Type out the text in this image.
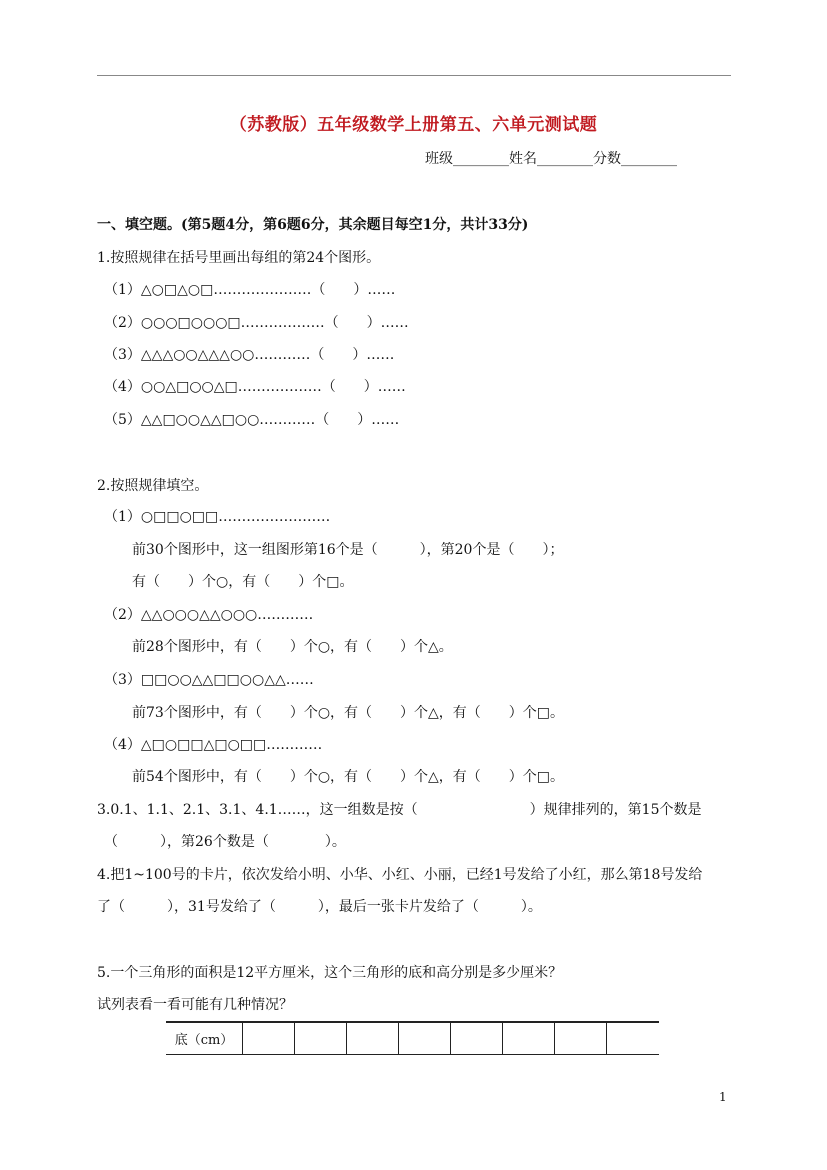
（苏教版）五年级数学上册第五、六单元测试题
班级________姓名________分数________
一、填空题。(第5题4分，第6题6分，其余题目每空1分，共计33分)
1.按照规律在括号里画出每组的第24个图形。
（1）△○□△○□…………………（　　）……
（2）○○○□○○○□………………（　　）……
（3）△△△○○△△△○○…………（　　）……
（4）○○△□○○△□………………（　　）……
（5）△△□○○△△□○○…………（　　）……
2.按照规律填空。
（1）○□□○□□……………………
　　前30个图形中，这一组图形第16个是（　　　），第20个是（　　）；
　　有（　　）个○，有（　　）个□。
（2）△△○○○△△○○○…………
　　前28个图形中，有（　　）个○，有（　　）个△。
（3）□□○○△△□□○○△△……
　　前73个图形中，有（　　）个○，有（　　）个△，有（　　）个□。
（4）△□○□□△□○□□…………
　　前54个图形中，有（　　）个○，有（　　）个△，有（　　）个□。
3.0.1、1.1、2.1、3.1、4.1……，这一组数是按（　　　　　　　　）规律排列的，第15个数是
（　　　），第26个数是（　　　　）。
4.把1~100号的卡片，依次发给小明、小华、小红、小丽，已经1号发给了小红，那么第18号发给
了（　　　），31号发给了（　　　），最后一张卡片发给了（　　　）。
5.一个三角形的面积是12平方厘米，这个三角形的底和高分别是多少厘米？
试列表看一看可能有几种情况？
底（cm）								
1
